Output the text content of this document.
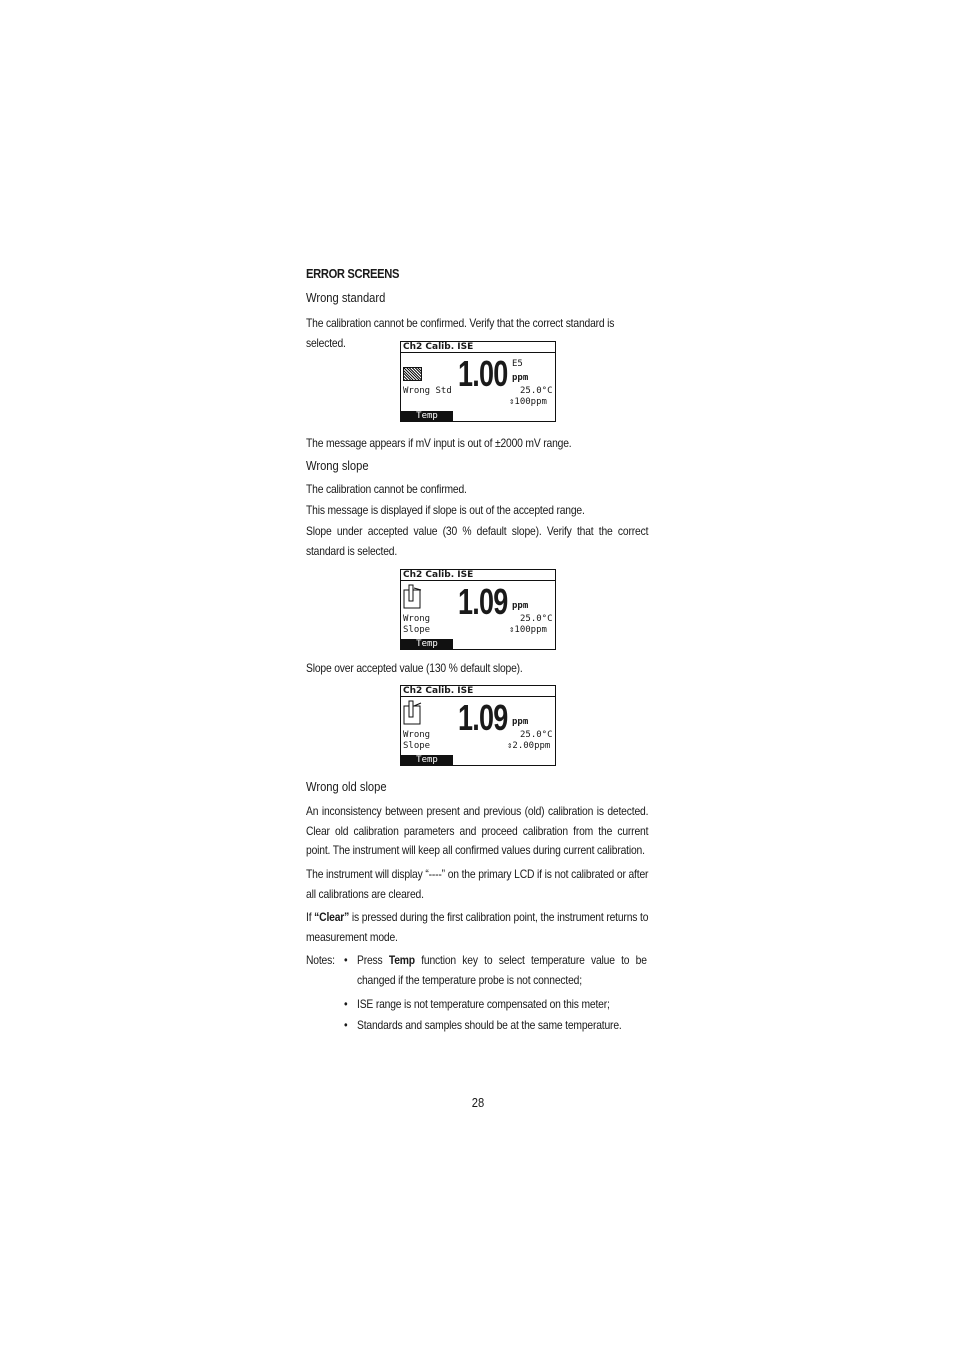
ERROR SCREENS
Wrong standard
The calibration cannot be confirmed. Verify that the correct standard is selected.	Ch2 Calib. ISE
1.00 E5
ppm
Wrong Std	25.0°C
⇕100ppm
Temp
The message appears if mV input is out of ±2000 mV range.
Wrong slope
The calibration cannot be confirmed.
This message is displayed if slope is out of the accepted range.
Slope under accepted value (30 % default slope). Verify that the correct standard is selected.
Ch2 Calib. ISE
1.09 ppm
Wrong	25.0°C
Slope	⇕100ppm
Temp
Slope over accepted value (130 % default slope).
Ch2 Calib. ISE
1.09 ppm
Wrong	25.0°C
Slope	⇕2.00ppm
Temp
Wrong old slope
An inconsistency between present and previous (old) calibration is detected. Clear old calibration parameters and proceed calibration from the current point. The instrument will keep all confirmed values during current calibration.
The instrument will display “----” on the primary LCD if is not calibrated or after all calibrations are cleared.
If “Clear” is pressed during the first calibration point, the instrument returns to measurement mode.
Notes: • Press Temp function key to select temperature value to be changed if the temperature probe is not connected;
• ISE range is not temperature compensated on this meter;
• Standards and samples should be at the same temperature.
28
